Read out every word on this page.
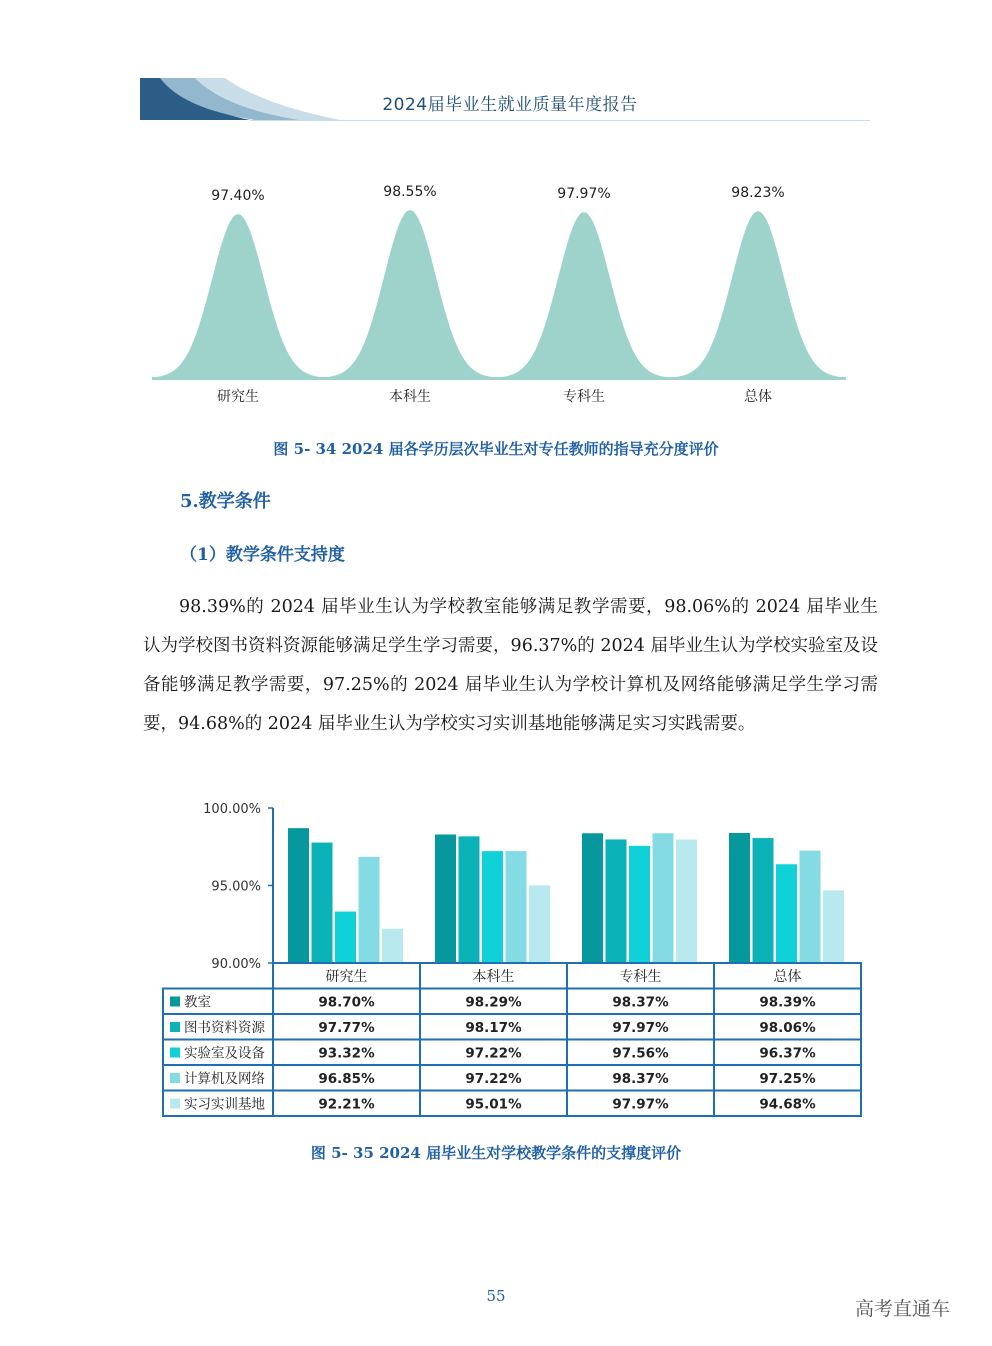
2024届毕业生就业质量年度报告
97.40%
研究生
98.55%
本科生
97.97%
专科生
98.23%
总体
图 5- 34 2024 届各学历层次毕业生对专任教师的指导充分度评价
5.教学条件
（1）教学条件支持度
98.39%的 2024 届毕业生认为学校教室能够满足教学需要，98.06%的 2024 届毕业生认为学校图书资料资源能够满足学生学习需要，96.37%的 2024 届毕业生认为学校实验室及设备能够满足教学需要，97.25%的 2024 届毕业生认为学校计算机及网络能够满足学生学习需要，94.68%的 2024 届毕业生认为学校实习实训基地能够满足实习实践需要。
100.00%
95.00%
90.00%
研究生	本科生	专科生	总体
教室	98.70%	98.29%	98.37%	98.39%
图书资料资源	97.77%	98.17%	97.97%	98.06%
实验室及设备	93.32%	97.22%	97.56%	96.37%
计算机及网络	96.85%	97.22%	98.37%	97.25%
实习实训基地	92.21%	95.01%	97.97%	94.68%
图 5- 35 2024 届毕业生对学校教学条件的支撑度评价
55
高考直通车
